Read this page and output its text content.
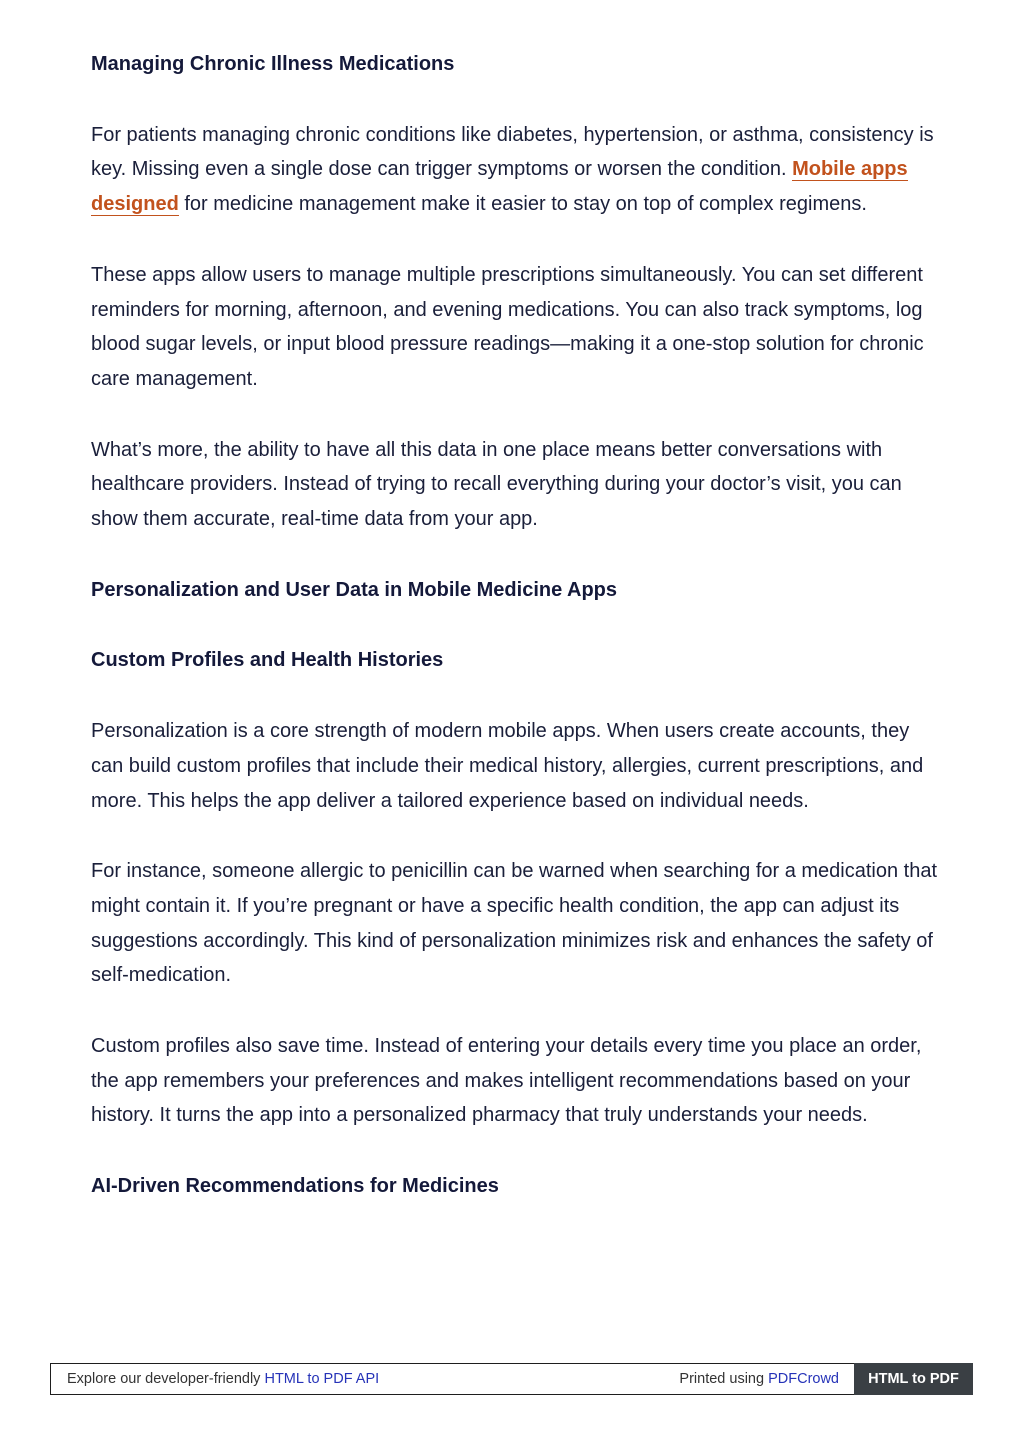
Managing Chronic Illness Medications

For patients managing chronic conditions like diabetes, hypertension, or asthma, consistency is key. Missing even a single dose can trigger symptoms or worsen the condition. Mobile apps designed for medicine management make it easier to stay on top of complex regimens.

These apps allow users to manage multiple prescriptions simultaneously. You can set different reminders for morning, afternoon, and evening medications. You can also track symptoms, log blood sugar levels, or input blood pressure readings—making it a one-stop solution for chronic care management.

What’s more, the ability to have all this data in one place means better conversations with healthcare providers. Instead of trying to recall everything during your doctor’s visit, you can show them accurate, real-time data from your app.

Personalization and User Data in Mobile Medicine Apps
Custom Profiles and Health Histories

Personalization is a core strength of modern mobile apps. When users create accounts, they can build custom profiles that include their medical history, allergies, current prescriptions, and more. This helps the app deliver a tailored experience based on individual needs.

For instance, someone allergic to penicillin can be warned when searching for a medication that might contain it. If you’re pregnant or have a specific health condition, the app can adjust its suggestions accordingly. This kind of personalization minimizes risk and enhances the safety of self-medication.

Custom profiles also save time. Instead of entering your details every time you place an order, the app remembers your preferences and makes intelligent recommendations based on your history. It turns the app into a personalized pharmacy that truly understands your needs.

AI-Driven Recommendations for Medicines
Explore our developer-friendly HTML to PDF API	Printed using PDFCrowd	HTML to PDF
